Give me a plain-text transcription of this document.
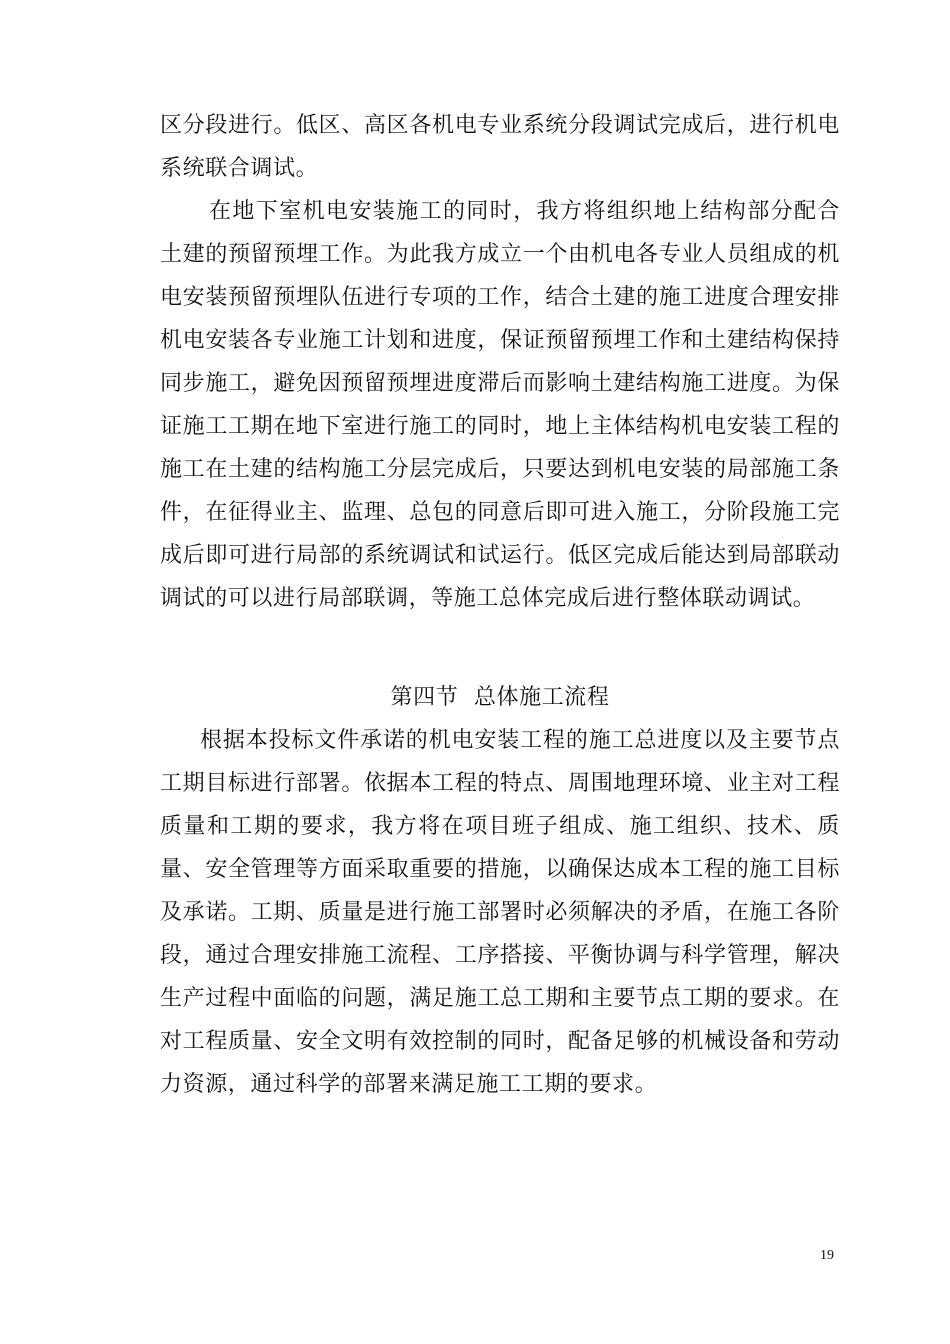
区分段进行。低区、高区各机电专业系统分段调试完成后，进行机电系统联合调试。

在地下室机电安装施工的同时，我方将组织地上结构部分配合土建的预留预埋工作。为此我方成立一个由机电各专业人员组成的机电安装预留预埋队伍进行专项的工作，结合土建的施工进度合理安排机电安装各专业施工计划和进度，保证预留预埋工作和土建结构保持同步施工，避免因预留预埋进度滞后而影响土建结构施工进度。为保证施工工期在地下室进行施工的同时，地上主体结构机电安装工程的施工在土建的结构施工分层完成后，只要达到机电安装的局部施工条件，在征得业主、监理、总包的同意后即可进入施工，分阶段施工完成后即可进行局部的系统调试和试运行。低区完成后能达到局部联动调试的可以进行局部联调，等施工总体完成后进行整体联动调试。

第四节 总体施工流程

根据本投标文件承诺的机电安装工程的施工总进度以及主要节点工期目标进行部署。依据本工程的特点、周围地理环境、业主对工程质量和工期的要求，我方将在项目班子组成、施工组织、技术、质量、安全管理等方面采取重要的措施，以确保达成本工程的施工目标及承诺。工期、质量是进行施工部署时必须解决的矛盾，在施工各阶段，通过合理安排施工流程、工序搭接、平衡协调与科学管理，解决生产过程中面临的问题，满足施工总工期和主要节点工期的要求。在对工程质量、安全文明有效控制的同时，配备足够的机械设备和劳动力资源，通过科学的部署来满足施工工期的要求。

19
